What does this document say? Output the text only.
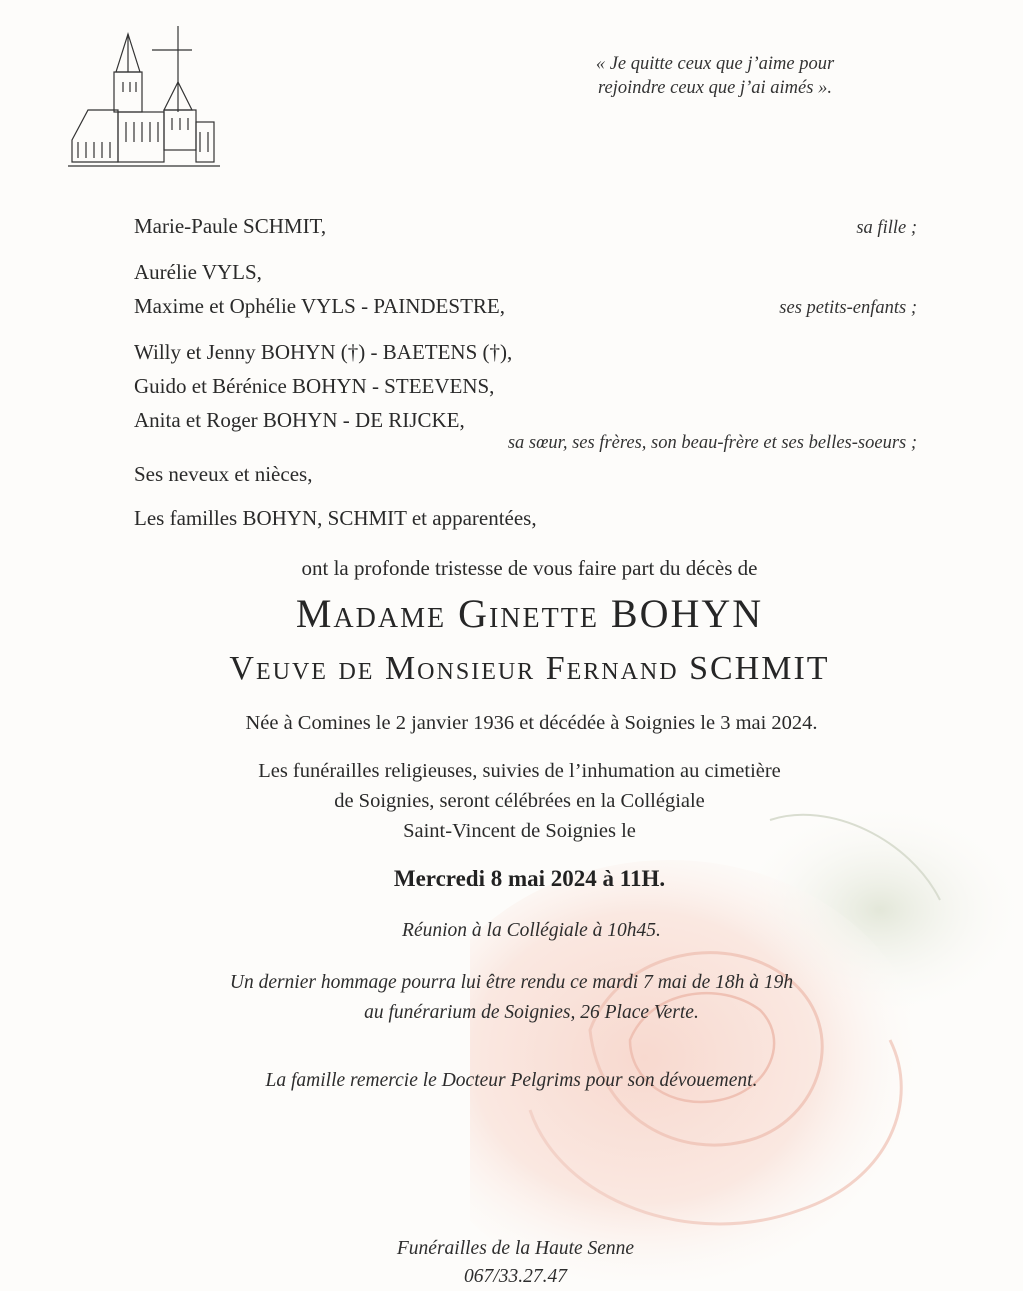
« Je quitte ceux que j’aime pour
rejoindre ceux que j’ai aimés ».
Marie-Paule SCHMIT,	sa fille ;
Aurélie VYLS,
Maxime et Ophélie VYLS - PAINDESTRE,	ses petits-enfants ;
Willy et Jenny BOHYN (†) - BAETENS (†),
Guido et Bérénice BOHYN - STEEVENS,
Anita et Roger BOHYN - DE RIJCKE,
sa sœur, ses frères, son beau-frère et ses belles-soeurs ;
Ses neveux et nièces,
Les familles BOHYN, SCHMIT et apparentées,
ont la profonde tristesse de vous faire part du décès de
Madame Ginette BOHYN
Veuve de Monsieur Fernand SCHMIT
Née à Comines le 2 janvier 1936 et décédée à Soignies le 3 mai 2024.
Les funérailles religieuses, suivies de l’inhumation au cimetière
de Soignies, seront célébrées en la Collégiale
Saint-Vincent de Soignies le
Mercredi 8 mai 2024 à 11H.
Réunion à la Collégiale à 10h45.
Un dernier hommage pourra lui être rendu ce mardi 7 mai de 18h à 19h
au funérarium de Soignies, 26 Place Verte.
La famille remercie le Docteur Pelgrims pour son dévouement.
Funérailles de la Haute Senne
067/33.27.47
